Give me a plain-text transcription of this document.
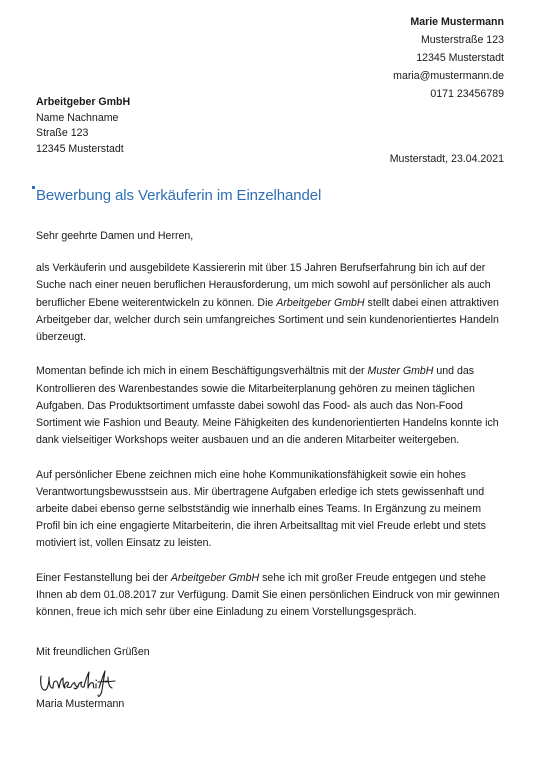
Marie Mustermann
Musterstraße 123
12345 Musterstadt
maria@mustermann.de
0171 23456789
Arbeitgeber GmbH
Name Nachname
Straße 123
12345 Musterstadt
Musterstadt, 23.04.2021
Bewerbung als Verkäuferin im Einzelhandel

Sehr geehrte Damen und Herren,

als Verkäuferin und ausgebildete Kassiererin mit über 15 Jahren Berufserfahrung bin ich auf der Suche nach einer neuen beruflichen Herausforderung, um mich sowohl auf persönlicher als auch beruflicher Ebene weiterentwickeln zu können. Die Arbeitgeber GmbH stellt dabei einen attraktiven Arbeitgeber dar, welcher durch sein umfangreiches Sortiment und sein kundenorientiertes Handeln überzeugt.

Momentan befinde ich mich in einem Beschäftigungsverhältnis mit der Muster GmbH und das Kontrollieren des Warenbestandes sowie die Mitarbeiterplanung gehören zu meinen täglichen Aufgaben. Das Produktsortiment umfasste dabei sowohl das Food- als auch das Non-Food Sortiment wie Fashion und Beauty. Meine Fähigkeiten des kundenorientierten Handelns konnte ich dank vielseitiger Workshops weiter ausbauen und an die anderen Mitarbeiter weitergeben.

Auf persönlicher Ebene zeichnen mich eine hohe Kommunikationsfähigkeit sowie ein hohes Verantwortungsbewusstsein aus. Mir übertragene Aufgaben erledige ich stets gewissenhaft und arbeite dabei ebenso gerne selbstständig wie innerhalb eines Teams. In Ergänzung zu meinem Profil bin ich eine engagierte Mitarbeiterin, die ihren Arbeitsalltag mit viel Freude erlebt und stets motiviert ist, vollen Einsatz zu leisten.

Einer Festanstellung bei der Arbeitgeber GmbH sehe ich mit großer Freude entgegen und stehe Ihnen ab dem 01.08.2017 zur Verfügung. Damit Sie einen persönlichen Eindruck von mir gewinnen können, freue ich mich sehr über eine Einladung zu einem Vorstellungsgespräch.

Mit freundlichen Grüßen
Maria Mustermann
